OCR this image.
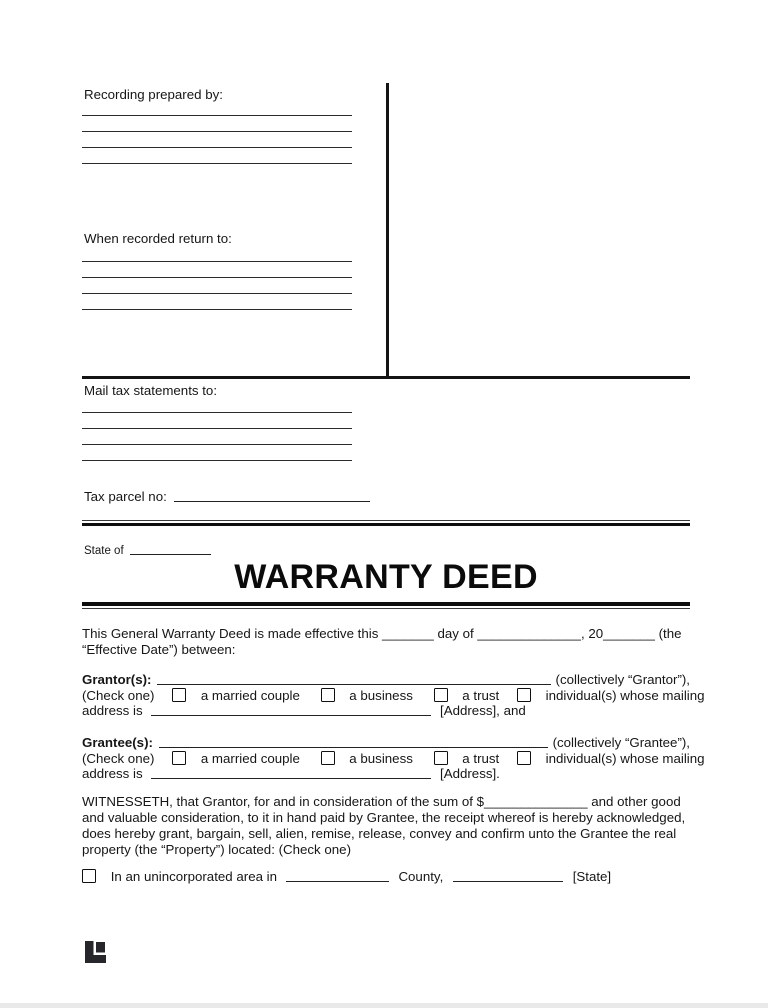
Recording prepared by:
When recorded return to:
Mail tax statements to:
Tax parcel no:
State of
WARRANTY DEED
This General Warranty Deed is made effective this _______ day of ______________, 20_______ (the
“Effective Date”) between:
Grantor(s):	(collectively “Grantor”),
(Check one)	a married couple	a business	a trust	individual(s) whose mailing
address is	[Address], and
Grantee(s):	(collectively “Grantee”),
(Check one)	a married couple	a business	a trust	individual(s) whose mailing
address is	[Address].
WITNESSETH, that Grantor, for and in consideration of the sum of $______________ and other good
and valuable consideration, to it in hand paid by Grantee, the receipt whereof is hereby acknowledged,
does hereby grant, bargain, sell, alien, remise, release, convey and confirm unto the Grantee the real
property (the “Property”) located: (Check one)
In an unincorporated area in	County,	[State]
